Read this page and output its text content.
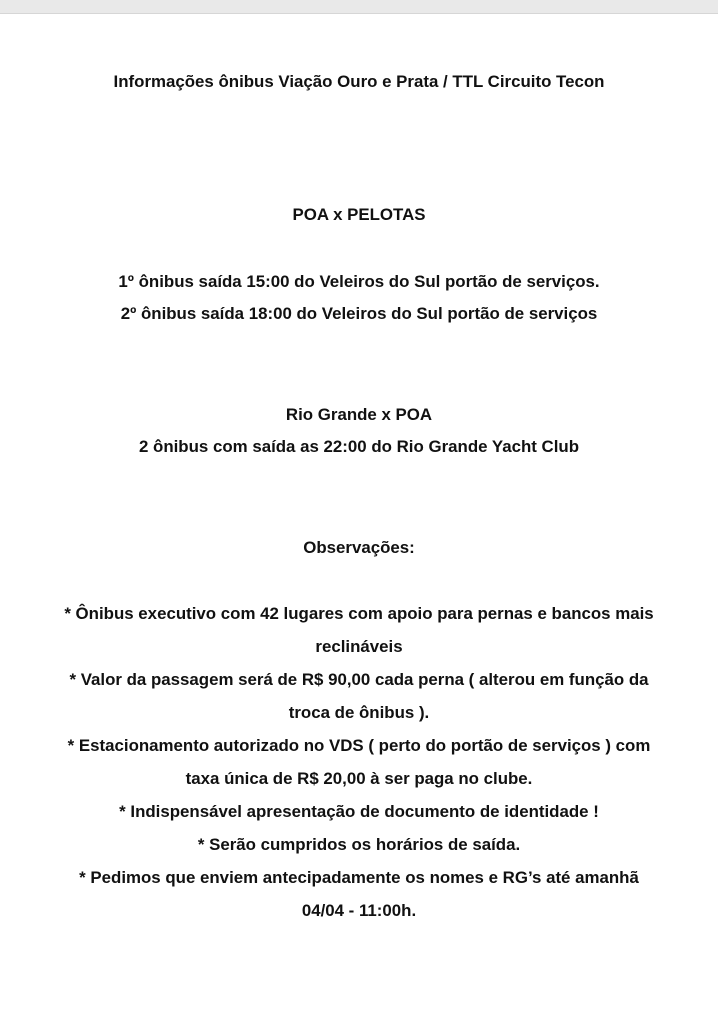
Informações ônibus Viação Ouro e Prata / TTL Circuito Tecon
POA x PELOTAS
1º ônibus saída 15:00 do Veleiros do Sul portão de serviços.
2º ônibus saída 18:00 do Veleiros do Sul portão de serviços
Rio Grande x POA
2 ônibus com saída as 22:00 do Rio Grande Yacht Club
Observações:
* Ônibus executivo com 42 lugares com apoio para pernas e bancos mais
reclináveis
* Valor da passagem será de R$ 90,00 cada perna ( alterou em função da
troca de ônibus ).
* Estacionamento autorizado no VDS ( perto do portão de serviços ) com
taxa única de R$ 20,00 à ser paga no clube.
* Indispensável apresentação de documento de identidade !
* Serão cumpridos os horários de saída.
* Pedimos que enviem antecipadamente os nomes e RG’s até amanhã
04/04 - 11:00h.
